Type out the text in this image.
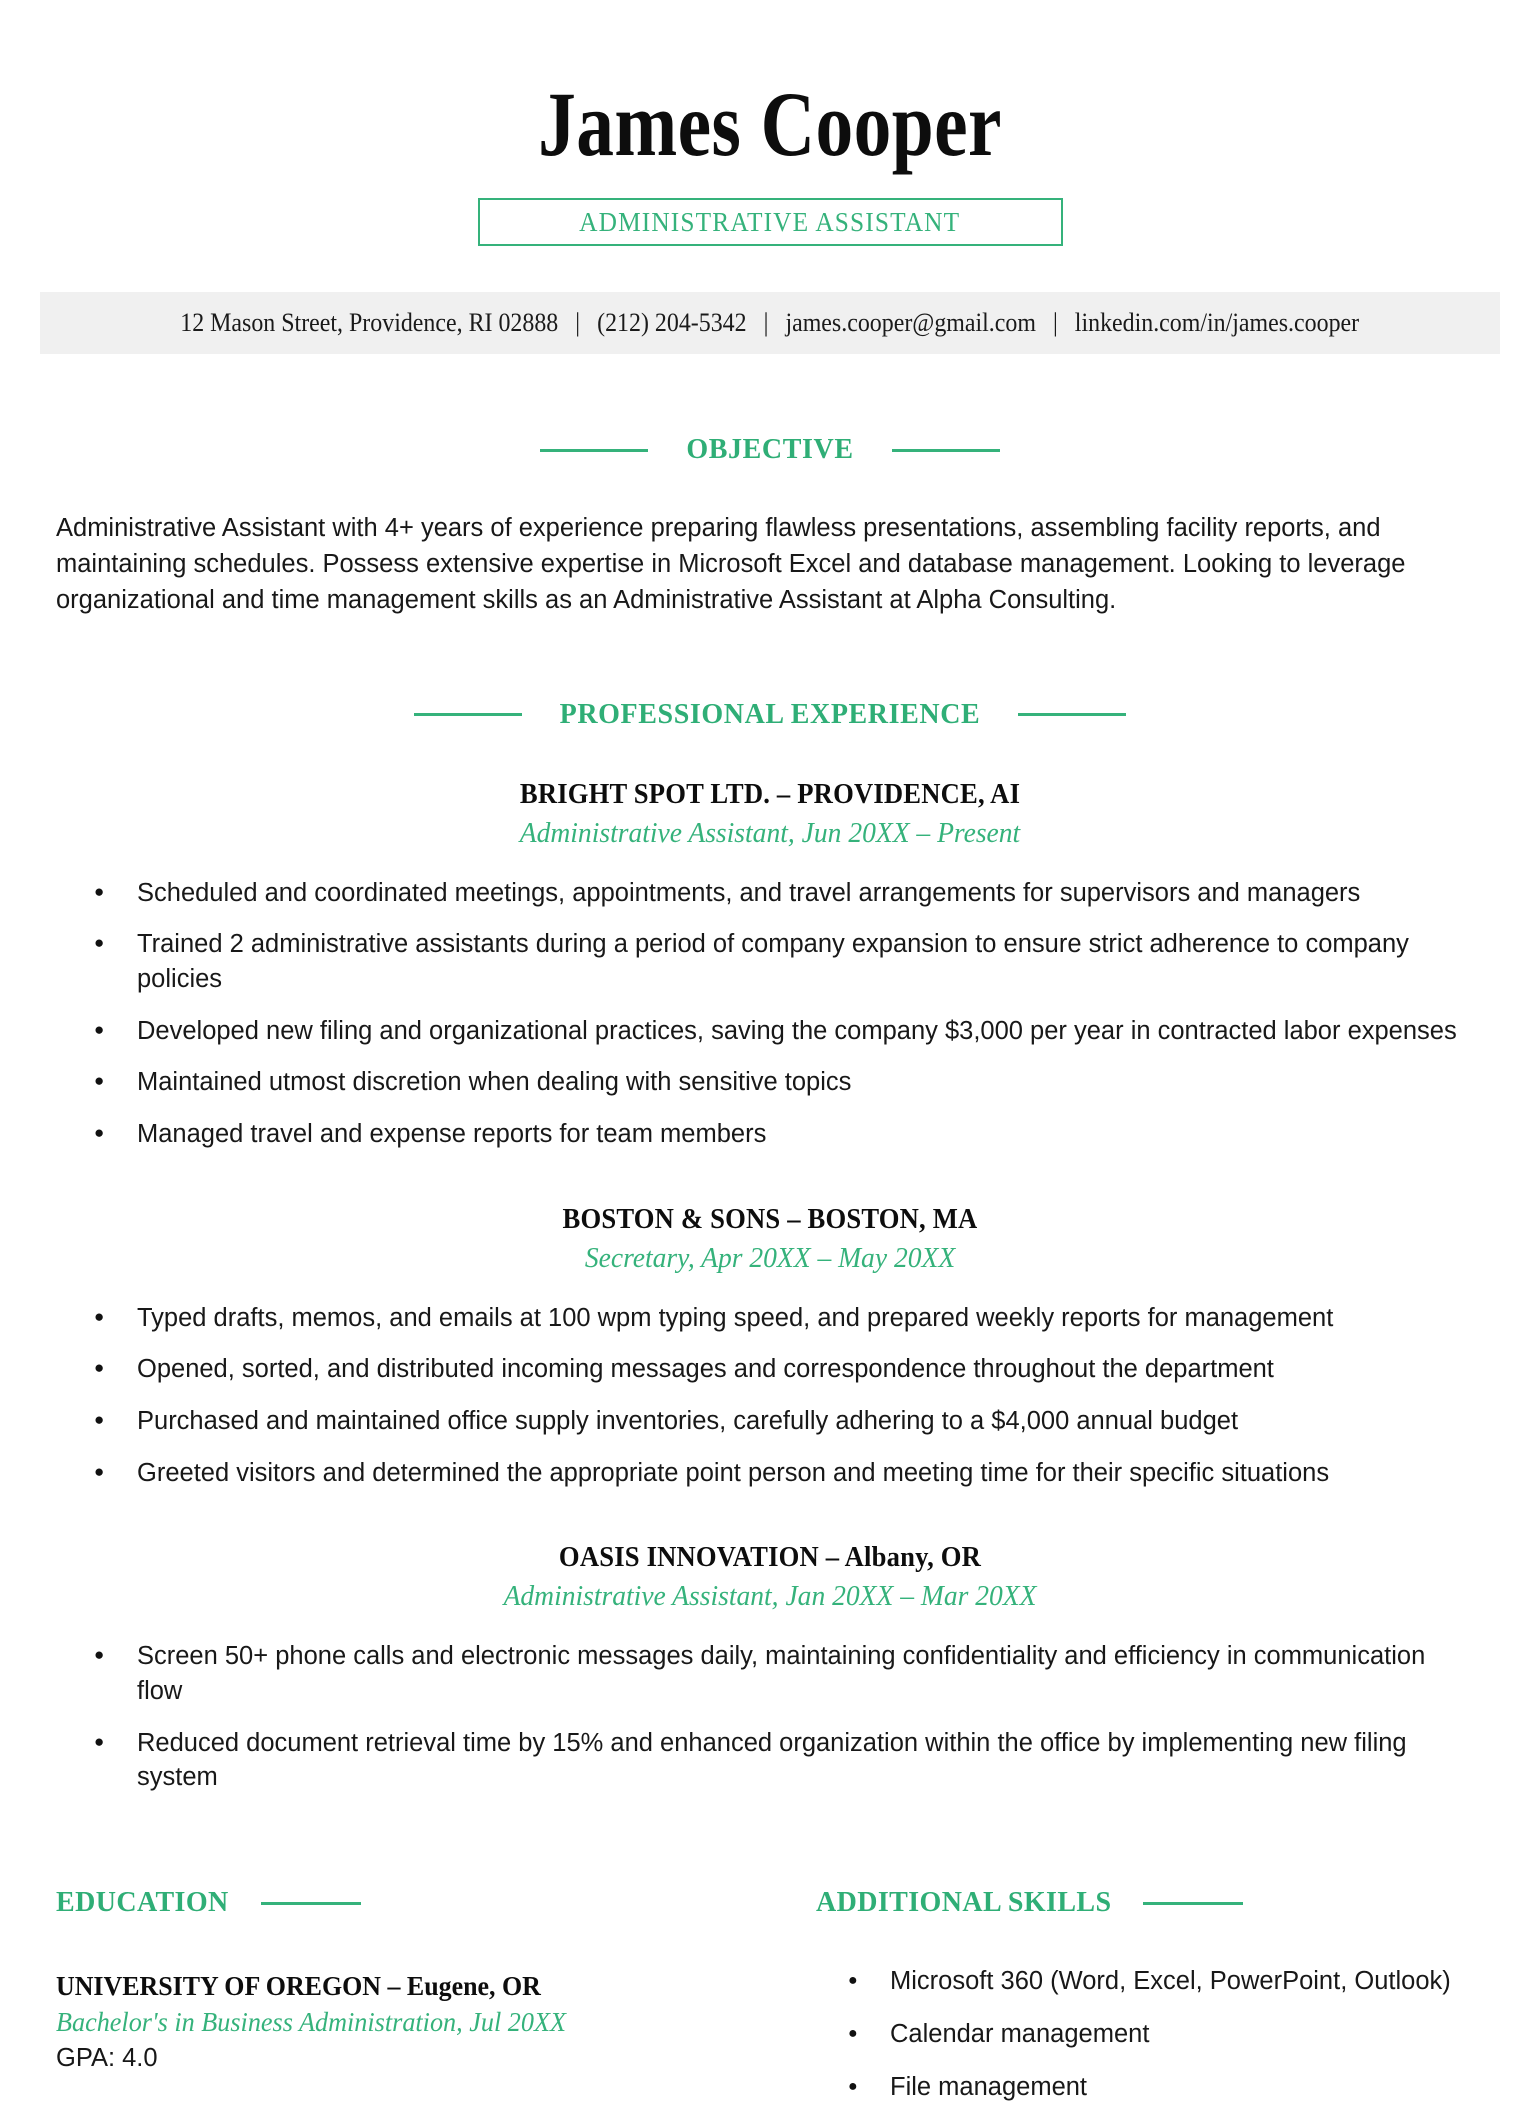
James Cooper
ADMINISTRATIVE ASSISTANT
12 Mason Street, Providence, RI 02888 | (212) 204-5342 | james.cooper@gmail.com | linkedin.com/in/james.cooper
OBJECTIVE
Administrative Assistant with 4+ years of experience preparing flawless presentations, assembling facility reports, and maintaining schedules. Possess extensive expertise in Microsoft Excel and database management. Looking to leverage organizational and time management skills as an Administrative Assistant at Alpha Consulting.
PROFESSIONAL EXPERIENCE
BRIGHT SPOT LTD. – PROVIDENCE, AI
Administrative Assistant, Jun 20XX – Present
● Scheduled and coordinated meetings, appointments, and travel arrangements for supervisors and managers
● Trained 2 administrative assistants during a period of company expansion to ensure strict adherence to company policies
● Developed new filing and organizational practices, saving the company $3,000 per year in contracted labor expenses
● Maintained utmost discretion when dealing with sensitive topics
● Managed travel and expense reports for team members
BOSTON & SONS – BOSTON, MA
Secretary, Apr 20XX – May 20XX
● Typed drafts, memos, and emails at 100 wpm typing speed, and prepared weekly reports for management
● Opened, sorted, and distributed incoming messages and correspondence throughout the department
● Purchased and maintained office supply inventories, carefully adhering to a $4,000 annual budget
● Greeted visitors and determined the appropriate point person and meeting time for their specific situations
OASIS INNOVATION – Albany, OR
Administrative Assistant, Jan 20XX – Mar 20XX
● Screen 50+ phone calls and electronic messages daily, maintaining confidentiality and efficiency in communication flow
● Reduced document retrieval time by 15% and enhanced organization within the office by implementing new filing system
EDUCATION
UNIVERSITY OF OREGON – Eugene, OR
Bachelor's in Business Administration, Jul 20XX
GPA: 4.0
ADDITIONAL SKILLS
● Microsoft 360 (Word, Excel, PowerPoint, Outlook)
● Calendar management
● File management
